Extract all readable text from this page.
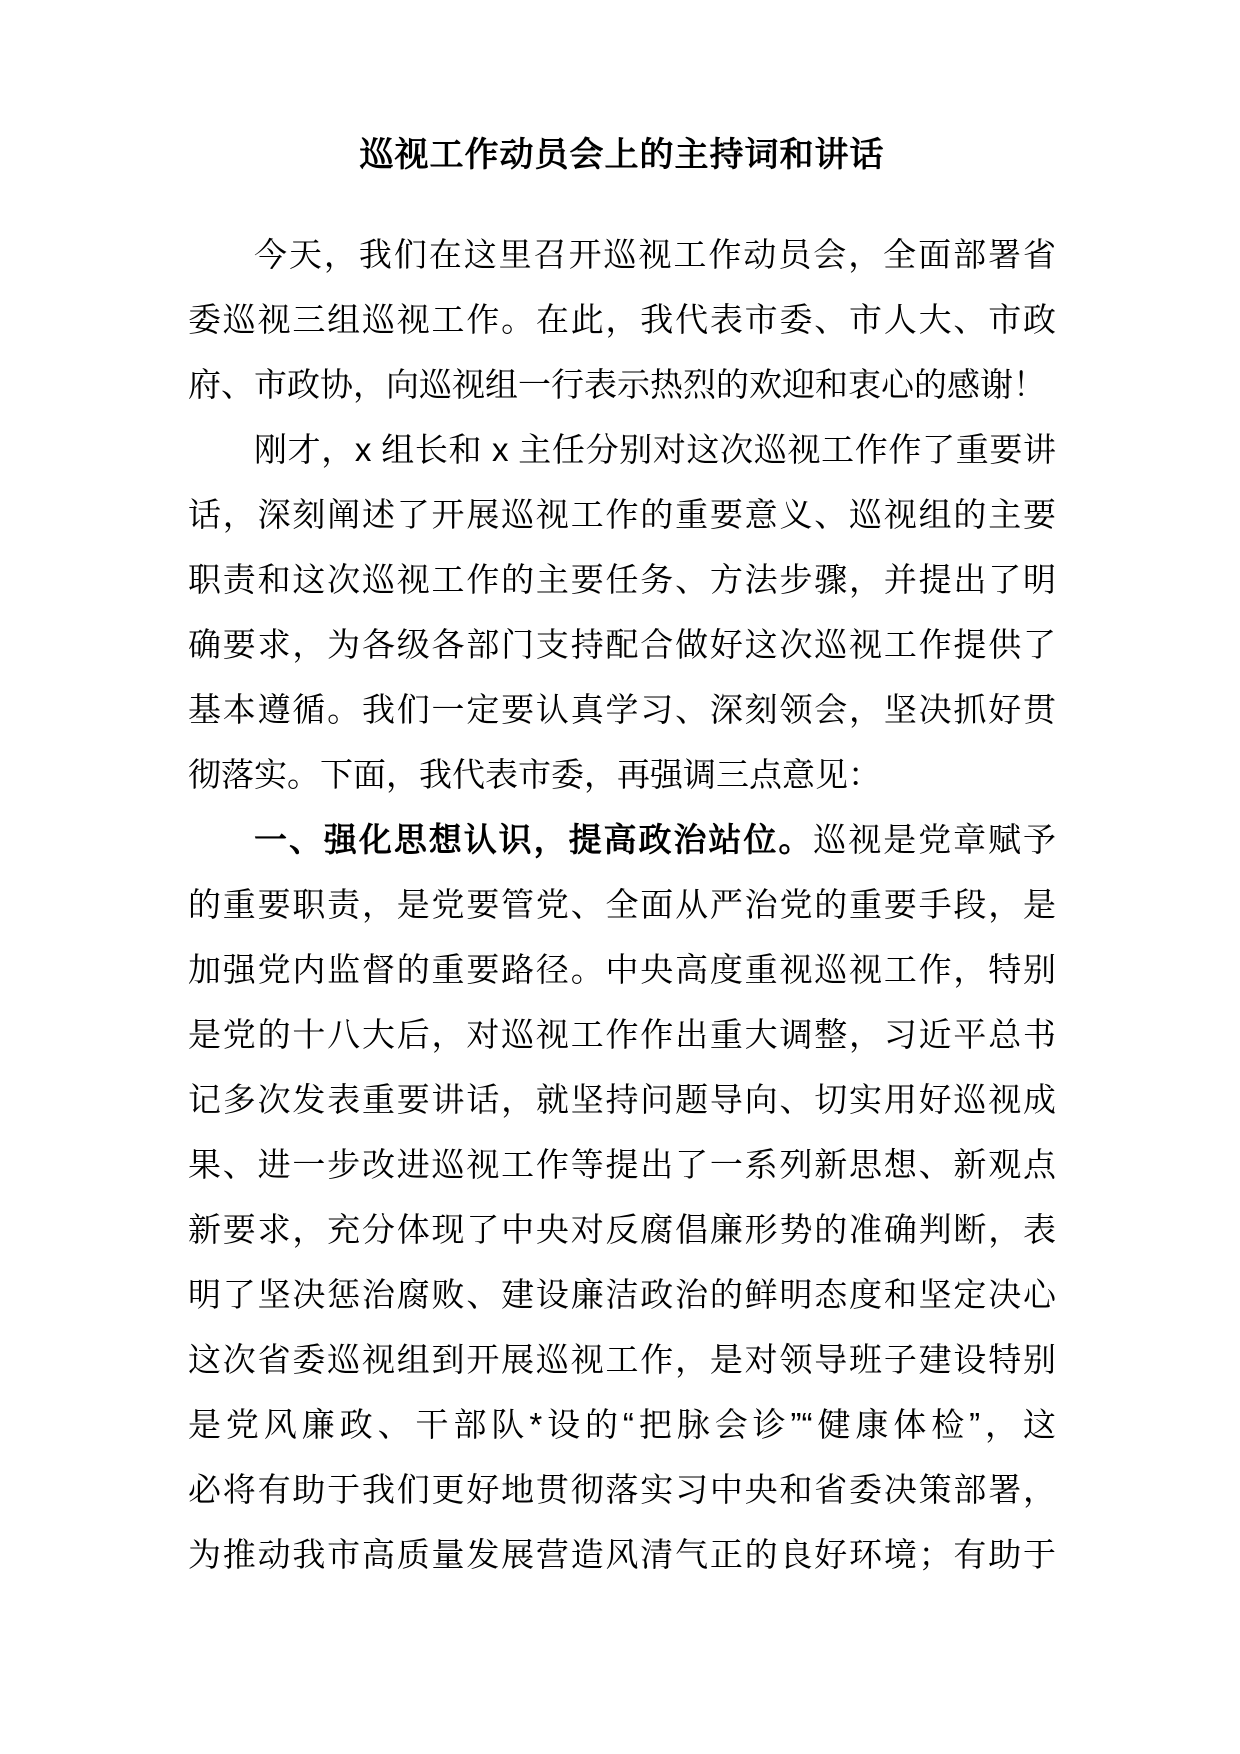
巡视工作动员会上的主持词和讲话
今天，我们在这里召开巡视工作动员会，全面部署省
委巡视三组巡视工作。在此，我代表市委、市人大、市政
府、市政协，向巡视组一行表示热烈的欢迎和衷心的感谢！
刚才，x 组长和 x 主任分别对这次巡视工作作了重要讲
话，深刻阐述了开展巡视工作的重要意义、巡视组的主要
职责和这次巡视工作的主要任务、方法步骤，并提出了明
确要求，为各级各部门支持配合做好这次巡视工作提供了
基本遵循。我们一定要认真学习、深刻领会，坚决抓好贯
彻落实。下面，我代表市委，再强调三点意见：
一、强化思想认识，提高政治站位。巡视是党章赋予
的重要职责，是党要管党、全面从严治党的重要手段，是
加强党内监督的重要路径。中央高度重视巡视工作，特别
是党的十八大后，对巡视工作作出重大调整，习近平总书
记多次发表重要讲话，就坚持问题导向、切实用好巡视成
果、进一步改进巡视工作等提出了一系列新思想、新观点
新要求，充分体现了中央对反腐倡廉形势的准确判断，表
明了坚决惩治腐败、建设廉洁政治的鲜明态度和坚定决心
这次省委巡视组到开展巡视工作，是对领导班子建设特别
是党风廉政、干部队*设的“把脉会诊”“健康体检”，这
必将有助于我们更好地贯彻落实习中央和省委决策部署，
为推动我市高质量发展营造风清气正的良好环境；有助于
